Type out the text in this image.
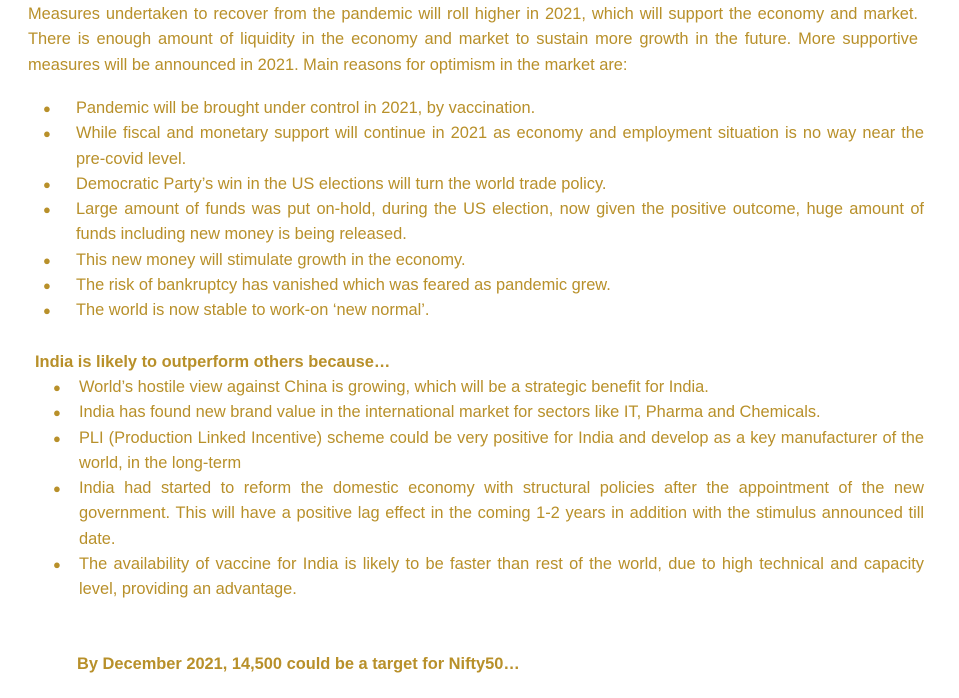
Measures undertaken to recover from the pandemic will roll higher in 2021, which will support the economy and market. There is enough amount of liquidity in the economy and market to sustain more growth in the future. More supportive measures will be announced in 2021. Main reasons for optimism in the market are:

● Pandemic will be brought under control in 2021, by vaccination.
● While fiscal and monetary support will continue in 2021 as economy and employment situation is no way near the pre-covid level.
● Democratic Party’s win in the US elections will turn the world trade policy.
● Large amount of funds was put on-hold, during the US election, now given the positive outcome, huge amount of funds including new money is being released.
● This new money will stimulate growth in the economy.
● The risk of bankruptcy has vanished which was feared as pandemic grew.
● The world is now stable to work-on ‘new normal’.
India is likely to outperform others because…
● World’s hostile view against China is growing, which will be a strategic benefit for India.
● India has found new brand value in the international market for sectors like IT, Pharma and Chemicals.
● PLI (Production Linked Incentive) scheme could be very positive for India and develop as a key manufacturer of the world, in the long-term
● India had started to reform the domestic economy with structural policies after the appointment of the new government. This will have a positive lag effect in the coming 1-2 years in addition with the stimulus announced till date.
● The availability of vaccine for India is likely to be faster than rest of the world, due to high technical and capacity level, providing an advantage.

By December 2021, 14,500 could be a target for Nifty50…
